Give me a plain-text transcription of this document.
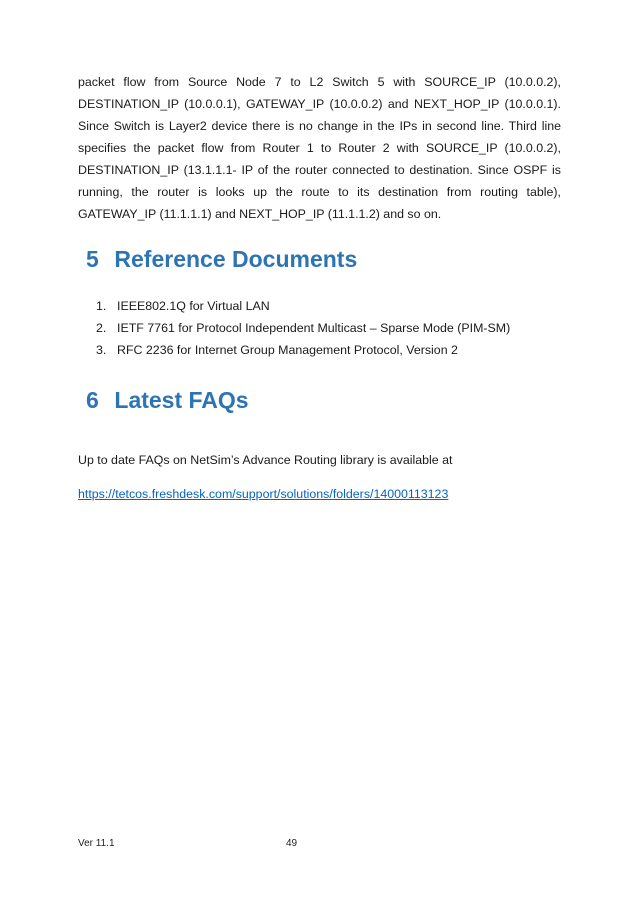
packet flow from Source Node 7 to L2 Switch 5 with SOURCE_IP (10.0.0.2), DESTINATION_IP (10.0.0.1), GATEWAY_IP (10.0.0.2) and NEXT_HOP_IP (10.0.0.1). Since Switch is Layer2 device there is no change in the IPs in second line. Third line specifies the packet flow from Router 1 to Router 2 with SOURCE_IP (10.0.0.2), DESTINATION_IP (13.1.1.1- IP of the router connected to destination. Since OSPF is running, the router is looks up the route to its destination from routing table), GATEWAY_IP (11.1.1.1) and NEXT_HOP_IP (11.1.1.2) and so on.

5 Reference Documents
1. IEEE802.1Q for Virtual LAN
2. IETF 7761 for Protocol Independent Multicast – Sparse Mode (PIM-SM)
3. RFC 2236 for Internet Group Management Protocol, Version 2
6 Latest FAQs
Up to date FAQs on NetSim’s Advance Routing library is available at
https://tetcos.freshdesk.com/support/solutions/folders/14000113123
Ver 11.1	49
